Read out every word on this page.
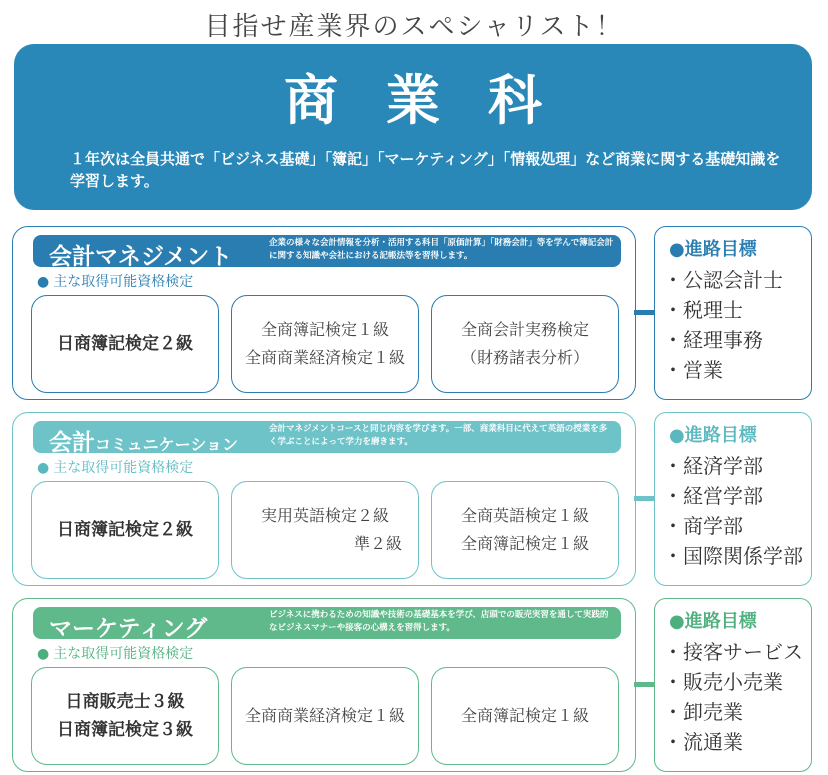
目指せ産業界のスペシャリスト！
商業科
１年次は全員共通で「ビジネス基礎」「簿記」「マーケティング」「情報処理」など商業に関する基礎知識を学習します。
会計マネジメント
企業の様々な会計情報を分析・活用する科目「原価計算」「財務会計」等を学んで簿記会計に関する知識や会社における記帳法等を習得します。
● 主な取得可能資格検定
日商簿記検定２級
全商簿記検定１級
全商商業経済検定１級
全商会計実務検定
（財務諸表分析）
●進路目標
・ 公認会計士
・ 税理士
・ 経理事務
・ 営業
会計コミュニケーション
会計マネジメントコースと同じ内容を学びます。一部、商業科目に代えて英語の授業を多く学ぶことによって学力を磨きます。
● 主な取得可能資格検定
日商簿記検定２級
実用英語検定２級
準２級
全商英語検定１級
全商簿記検定１級
●進路目標
・ 経済学部
・ 経営学部
・ 商学部
・ 国際関係学部
マーケティング
ビジネスに携わるための知識や技術の基礎基本を学び、店頭での販売実習を通して実践的なビジネスマナーや接客の心構えを習得します。
● 主な取得可能資格検定
日商販売士３級
日商簿記検定３級
全商商業経済検定１級	全商簿記検定１級
●進路目標
・ 接客サービス
・ 販売小売業
・ 卸売業
・ 流通業
